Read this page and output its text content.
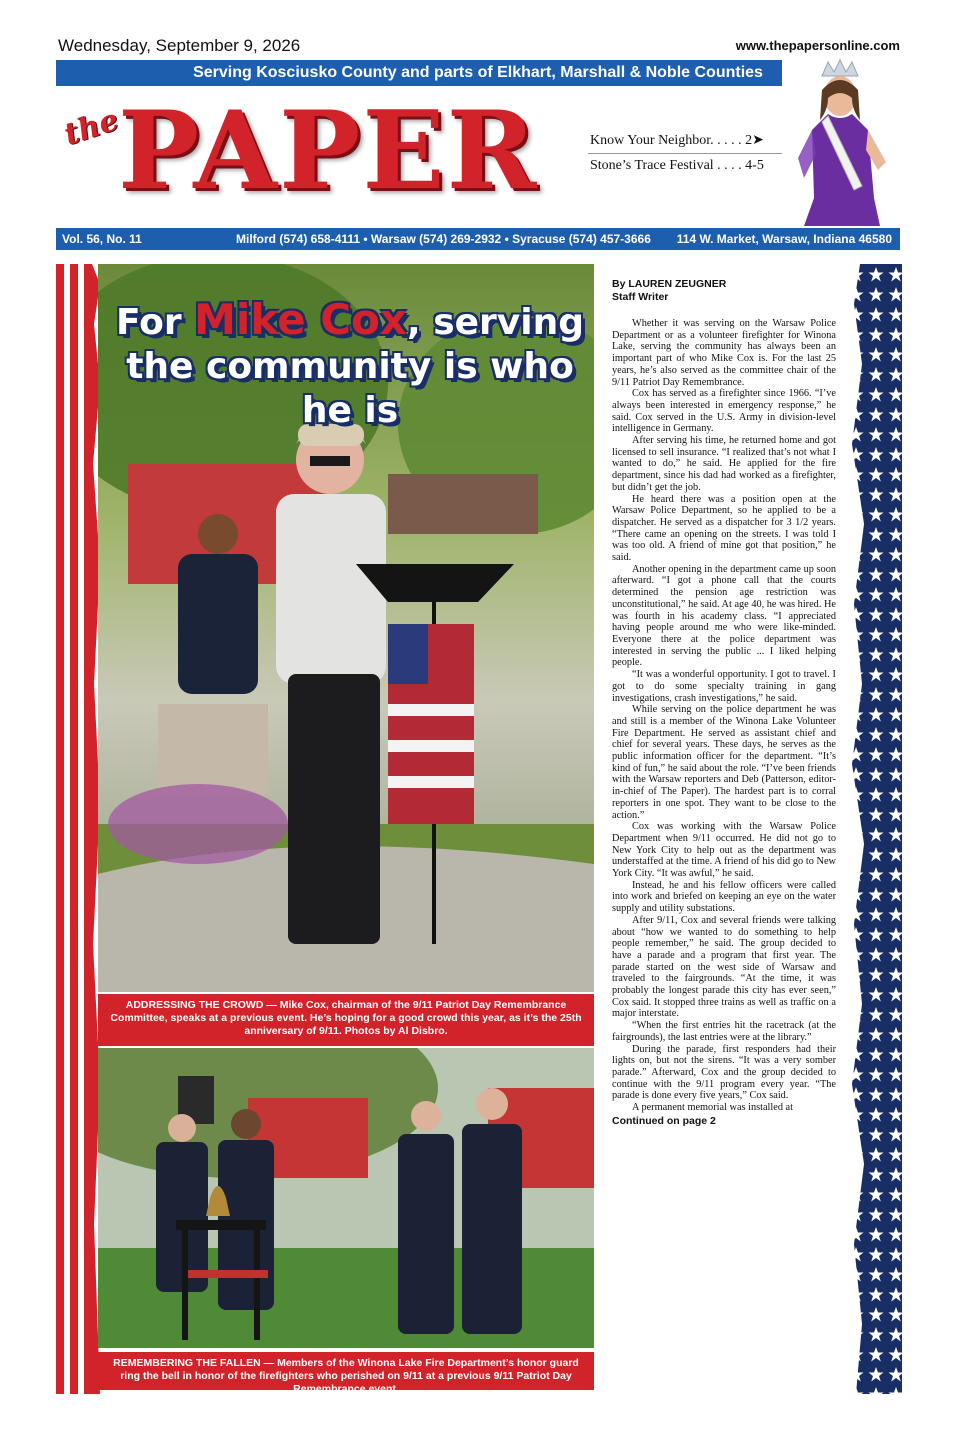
Wednesday, September 9, 2026	www.thepapersonline.com
Serving Kosciusko County and parts of Elkhart, Marshall & Noble Counties
the
PAPER	Know Your Neighbor. . . . . 2➤
Stone’s Trace Festival . . . . 4-5
Vol. 56, No. 11	Milford (574) 658-4111 • Warsaw (574) 269-2932 • Syracuse (574) 457-3666 114 W. Market, Warsaw, Indiana 46580
For Mike Cox, serving the community is who he is
ADDRESSING THE CROWD — Mike Cox, chairman of the 9/11 Patriot Day Remembrance Committee, speaks at a previous event. He’s hoping for a good crowd this year, as it’s the 25th anniversary of 9/11. Photos by Al Disbro.
REMEMBERING THE FALLEN — Members of the Winona Lake Fire Department’s honor guard ring the bell in honor of the firefighters who perished on 9/11 at a previous 9/11 Patriot Day Remembrance event.
By LAUREN ZEUGNER
Staff Writer

Whether it was serving on the Warsaw Police Department or as a volunteer firefighter for Winona Lake, serving the community has always been an important part of who Mike Cox is. For the last 25 years, he’s also served as the committee chair of the 9/11 Patriot Day Remembrance.

Cox has served as a firefighter since 1966. “I’ve always been interested in emergency response,” he said. Cox served in the U.S. Army in division-level intelligence in Germany.

After serving his time, he returned home and got licensed to sell insurance. “I realized that’s not what I wanted to do,” he said. He applied for the fire department, since his dad had worked as a firefighter, but didn’t get the job.

He heard there was a position open at the Warsaw Police Department, so he applied to be a dispatcher. He served as a dispatcher for 3 1/2 years. “There came an opening on the streets. I was told I was too old. A friend of mine got that position,” he said.

Another opening in the department came up soon afterward. “I got a phone call that the courts determined the pension age restriction was unconstitutional,” he said. At age 40, he was hired. He was fourth in his academy class. “I appreciated having people around me who were like-minded. Everyone there at the police department was interested in serving the public ... I liked helping people.

“It was a wonderful opportunity. I got to travel. I got to do some specialty training in gang investigations, crash investigations,” he said.

While serving on the police department he was and still is a member of the Winona Lake Volunteer Fire Department. He served as assistant chief and chief for several years. These days, he serves as the public information officer for the department. “It’s kind of fun,” he said about the role. “I’ve been friends with the Warsaw reporters and Deb (Patterson, editor-in-chief of The Paper). The hardest part is to corral reporters in one spot. They want to be close to the action.”

Cox was working with the Warsaw Police Department when 9/11 occurred. He did not go to New York City to help out as the department was understaffed at the time. A friend of his did go to New York City. “It was awful,” he said.

Instead, he and his fellow officers were called into work and briefed on keeping an eye on the water supply and utility substations.

After 9/11, Cox and several friends were talking about “how we wanted to do something to help people remember,” he said. The group decided to have a parade and a program that first year. The parade started on the west side of Warsaw and traveled to the fairgrounds. “At the time, it was probably the longest parade this city has ever seen,” Cox said. It stopped three trains as well as traffic on a major interstate.

“When the first entries hit the racetrack (at the fairgrounds), the last entries were at the library.”

During the parade, first responders had their lights on, but not the sirens. “It was a very somber parade.” Afterward, Cox and the group decided to continue with the 9/11 program every year. “The parade is done every five years,” Cox said.

A permanent memorial was installed at

Continued on page 2
